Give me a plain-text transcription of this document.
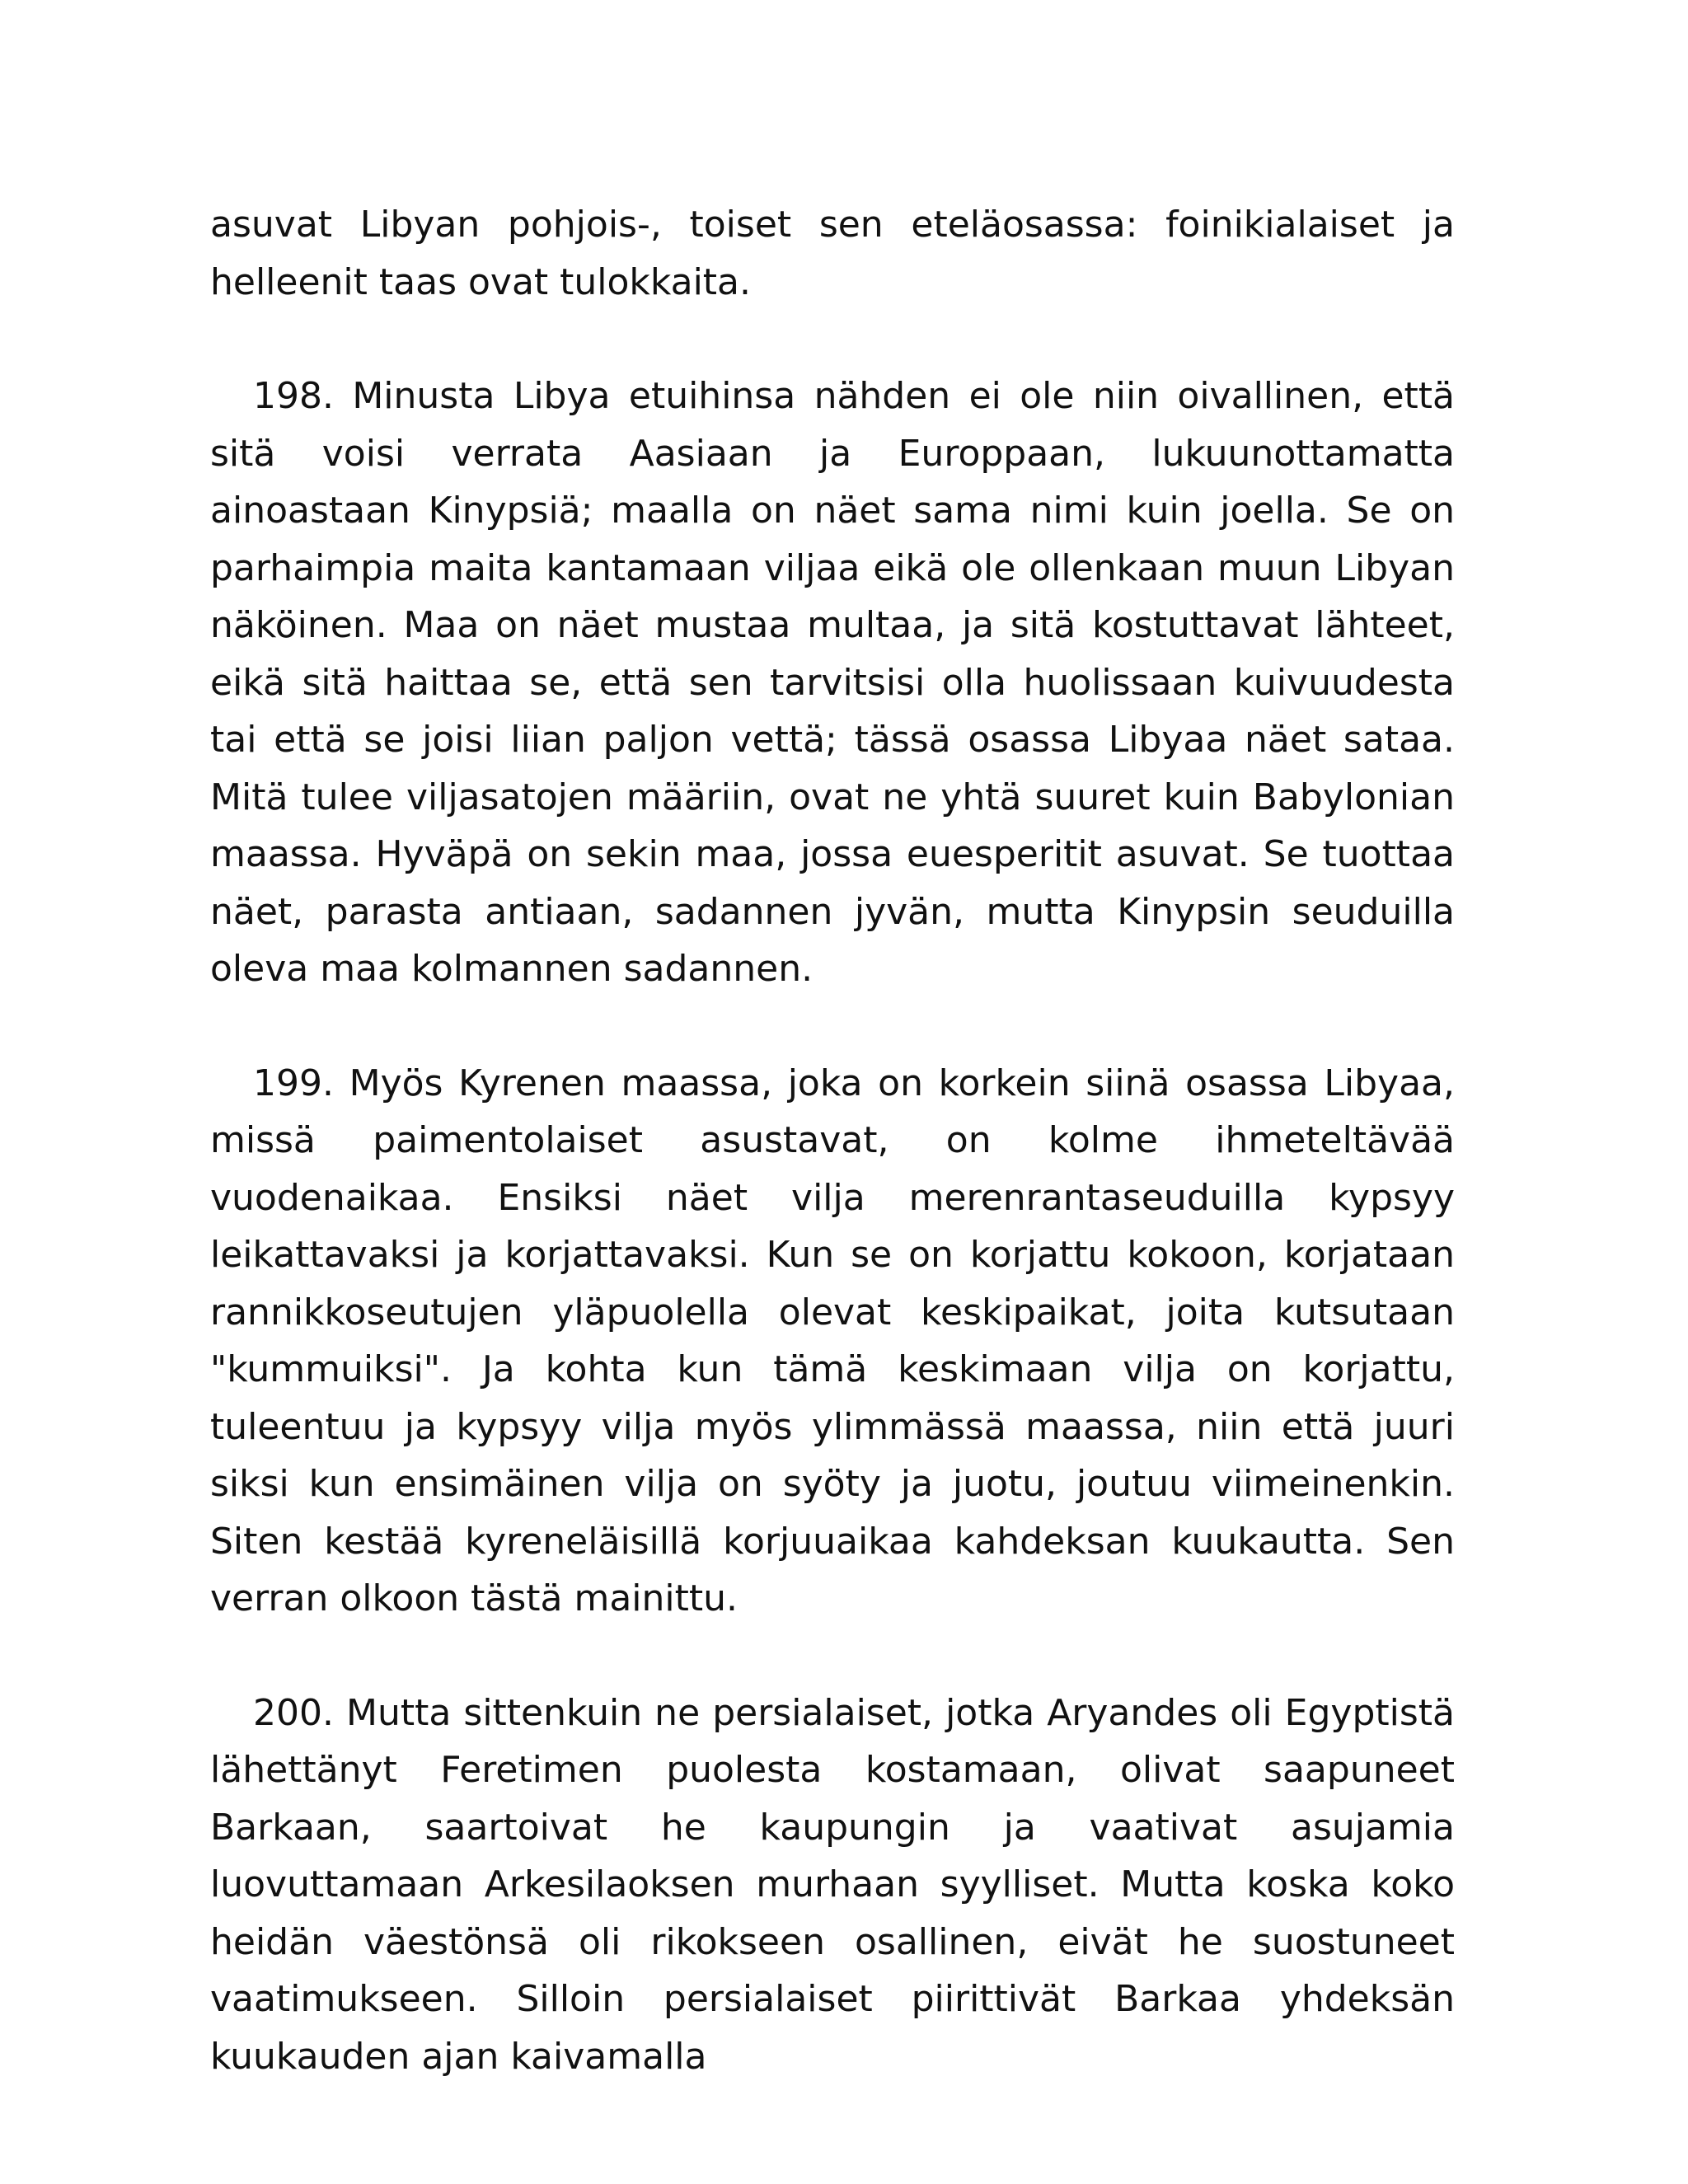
asuvat Libyan pohjois-, toiset sen eteläosassa: foinikialaiset ja helleenit taas ovat tulokkaita.

198. Minusta Libya etuihinsa nähden ei ole niin oivallinen, että sitä voisi verrata Aasiaan ja Europpaan, lukuunottamatta ainoastaan Kinypsiä; maalla on näet sama nimi kuin joella. Se on parhaimpia maita kantamaan viljaa eikä ole ollenkaan muun Libyan näköinen. Maa on näet mustaa multaa, ja sitä kostuttavat lähteet, eikä sitä haittaa se, että sen tarvitsisi olla huolissaan kuivuudesta tai että se joisi liian paljon vettä; tässä osassa Libyaa näet sataa. Mitä tulee viljasatojen määriin, ovat ne yhtä suuret kuin Babylonian maassa. Hyväpä on sekin maa, jossa euesperitit asuvat. Se tuottaa näet, parasta antiaan, sadannen jyvän, mutta Kinypsin seuduilla oleva maa kolmannen sadannen.

199. Myös Kyrenen maassa, joka on korkein siinä osassa Libyaa, missä paimentolaiset asustavat, on kolme ihmeteltävää vuodenaikaa. Ensiksi näet vilja merenrantaseuduilla kypsyy leikattavaksi ja korjattavaksi. Kun se on korjattu kokoon, korjataan rannikkoseutujen yläpuolella olevat keskipaikat, joita kutsutaan "kummuiksi". Ja kohta kun tämä keskimaan vilja on korjattu, tuleentuu ja kypsyy vilja myös ylimmässä maassa, niin että juuri siksi kun ensimäinen vilja on syöty ja juotu, joutuu viimeinenkin. Siten kestää kyreneläisillä korjuuaikaa kahdeksan kuukautta. Sen verran olkoon tästä mainittu.

200. Mutta sittenkuin ne persialaiset, jotka Aryandes oli Egyptistä lähettänyt Feretimen puolesta kostamaan, olivat saapuneet Barkaan, saartoivat he kaupungin ja vaativat asujamia luovuttamaan Arkesilaoksen murhaan syylliset. Mutta koska koko heidän väestönsä oli rikokseen osallinen, eivät he suostuneet vaatimukseen. Silloin persialaiset piirittivät Barkaa yhdeksän kuukauden ajan kaivamalla
